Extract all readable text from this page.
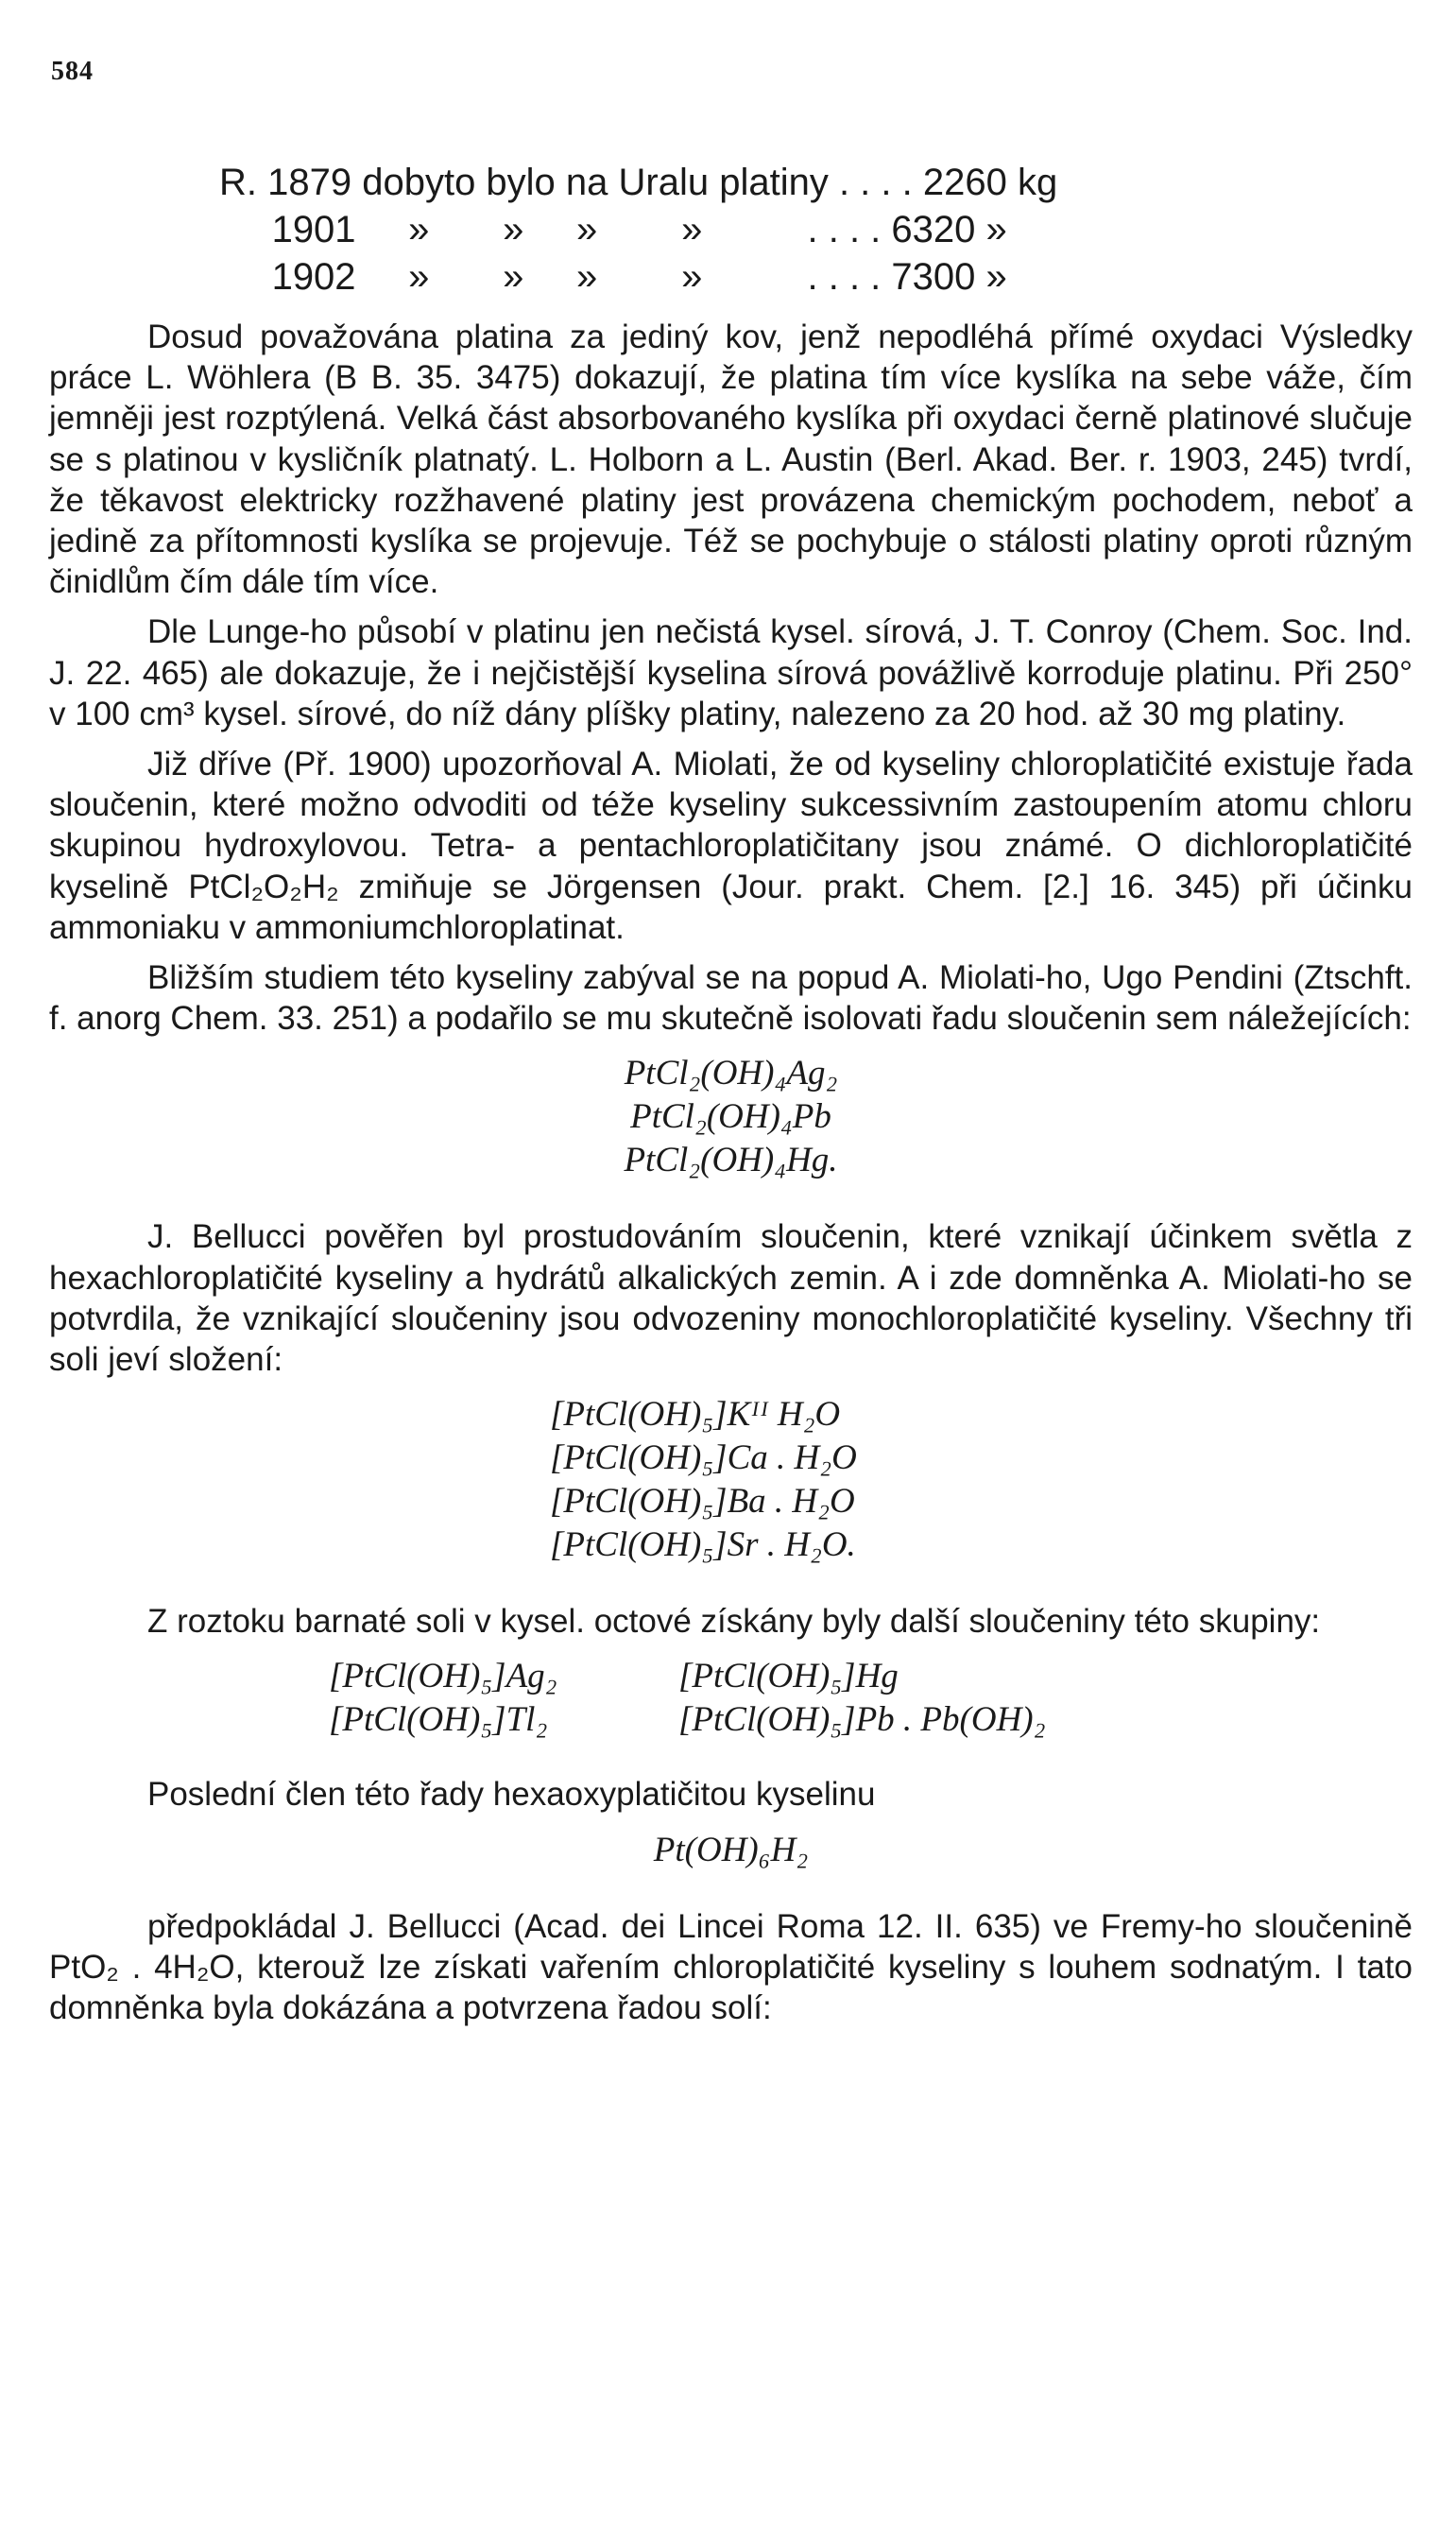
584
R. 1879 dobyto bylo na Uralu platiny . . . . 2260 kg
1901     »       »     »        »          . . . . 6320 »
1902     »       »     »        »          . . . . 7300 »

Dosud považována platina za jediný kov, jenž nepodléhá přímé oxydaci Výsledky práce L. Wöhlera (B B. 35. 3475) dokazují, že platina tím více kyslíka na sebe váže, čím jemněji jest rozptýlená. Velká část absorbovaného kyslíka při oxydaci černě platinové slučuje se s platinou v kysličník platnatý. L. Holborn a L. Austin (Berl. Akad. Ber. r. 1903, 245) tvrdí, že těkavost elektricky rozžhavené platiny jest provázena chemickým pochodem, neboť a jedině za přítomnosti kyslíka se projevuje. Též se pochybuje o stálosti platiny oproti různým činidlům čím dále tím více.

Dle Lunge-ho působí v platinu jen nečistá kysel. sírová, J. T. Conroy (Chem. Soc. Ind. J. 22. 465) ale dokazuje, že i nejčistější kyselina sírová povážlivě korroduje platinu. Při 250° v 100 cm³ kysel. sírové, do níž dány plíšky platiny, nalezeno za 20 hod. až 30 mg platiny.

Již dříve (Př. 1900) upozorňoval A. Miolati, že od kyseliny chloroplatičité existuje řada sloučenin, které možno odvoditi od téže kyseliny sukcessivním zastoupením atomu chloru skupinou hydroxylovou. Tetra- a pentachloroplatičitany jsou známé. O dichloroplatičité kyselině PtCl₂O₂H₂ zmiňuje se Jörgensen (Jour. prakt. Chem. [2.] 16. 345) při účinku ammoniaku v ammoniumchloroplatinat.

Bližším studiem této kyseliny zabýval se na popud A. Miolati-ho, Ugo Pendini (Ztschft. f. anorg Chem. 33. 251) a podařilo se mu skutečně isolovati řadu sloučenin sem náležejících:

PtCl₂(OH)₄Ag₂
PtCl₂(OH)₄Pb
PtCl₂(OH)₄Hg.

J. Bellucci pověřen byl prostudováním sloučenin, které vznikají účinkem světla z hexachloroplatičité kyseliny a hydrátů alkalických zemin. A i zde domněnka A. Miolati-ho se potvrdila, že vznikající sloučeniny jsou odvozeniny monochloroplatičité kyseliny. Všechny tři soli jeví složení:

[PtCl(OH)₅]Kᴵᴵ H₂O
[PtCl(OH)₅]Ca . H₂O
[PtCl(OH)₅]Ba . H₂O
[PtCl(OH)₅]Sr . H₂O.

Z roztoku barnaté soli v kysel. octové získány byly další sloučeniny této skupiny:

[PtCl(OH)₅]Ag₂
[PtCl(OH)₅]Tl₂
[PtCl(OH)₅]Hg
[PtCl(OH)₅]Pb . Pb(OH)₂

Poslední člen této řady hexaoxyplatičitou kyselinu

Pt(OH)₆H₂

předpokládal J. Bellucci (Acad. dei Lincei Roma 12. II. 635) ve Fremy-ho sloučenině PtO₂ . 4H₂O, kterouž lze získati vařením chloroplatičité kyseliny s louhem sodnatým. I tato domněnka byla dokázána a potvrzena řadou solí:
